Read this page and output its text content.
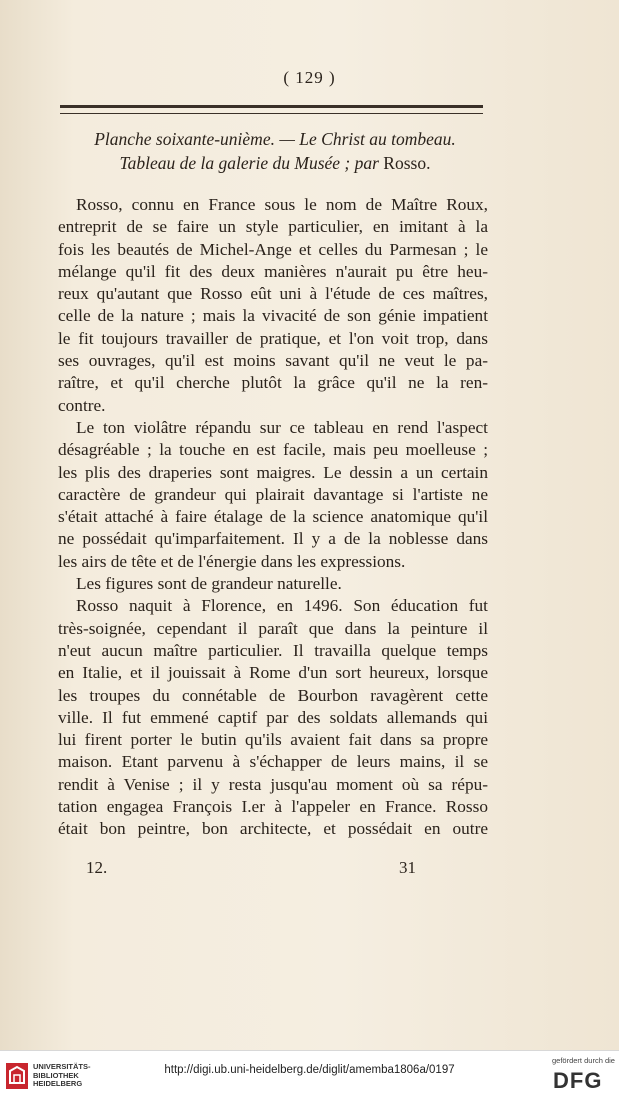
( 129 )
Planche soixante-unième. — Le Christ au tombeau.
Tableau de la galerie du Musée ; par Rosso.
Rosso, connu en France sous le nom de Maître Roux,
entreprit de se faire un style particulier, en imitant à la
fois les beautés de Michel-Ange et celles du Parmesan ; le
mélange qu'il fit des deux manières n'aurait pu être heu-
reux qu'autant que Rosso eût uni à l'étude de ces maîtres,
celle de la nature ; mais la vivacité de son génie impatient
le fit toujours travailler de pratique, et l'on voit trop, dans
ses ouvrages, qu'il est moins savant qu'il ne veut le pa-
raître, et qu'il cherche plutôt la grâce qu'il ne la ren-
contre.
Le ton violâtre répandu sur ce tableau en rend l'aspect
désagréable ; la touche en est facile, mais peu moelleuse ;
les plis des draperies sont maigres. Le dessin a un certain
caractère de grandeur qui plairait davantage si l'artiste ne
s'était attaché à faire étalage de la science anatomique qu'il
ne possédait qu'imparfaitement. Il y a de la noblesse dans
les airs de tête et de l'énergie dans les expressions.
Les figures sont de grandeur naturelle.
Rosso naquit à Florence, en 1496. Son éducation fut
très-soignée, cependant il paraît que dans la peinture il
n'eut aucun maître particulier. Il travailla quelque temps
en Italie, et il jouissait à Rome d'un sort heureux, lorsque
les troupes du connétable de Bourbon ravagèrent cette
ville. Il fut emmené captif par des soldats allemands qui
lui firent porter le butin qu'ils avaient fait dans sa propre
maison. Etant parvenu à s'échapper de leurs mains, il se
rendit à Venise ; il y resta jusqu'au moment où sa répu-
tation engagea François I.er à l'appeler en France. Rosso
était bon peintre, bon architecte, et possédait en outre
12.	31
UNIVERSITÄTS-
BIBLIOTHEK
HEIDELBERG
http://digi.ub.uni-heidelberg.de/diglit/amemba1806a/0197
gefördert durch die
DFG
